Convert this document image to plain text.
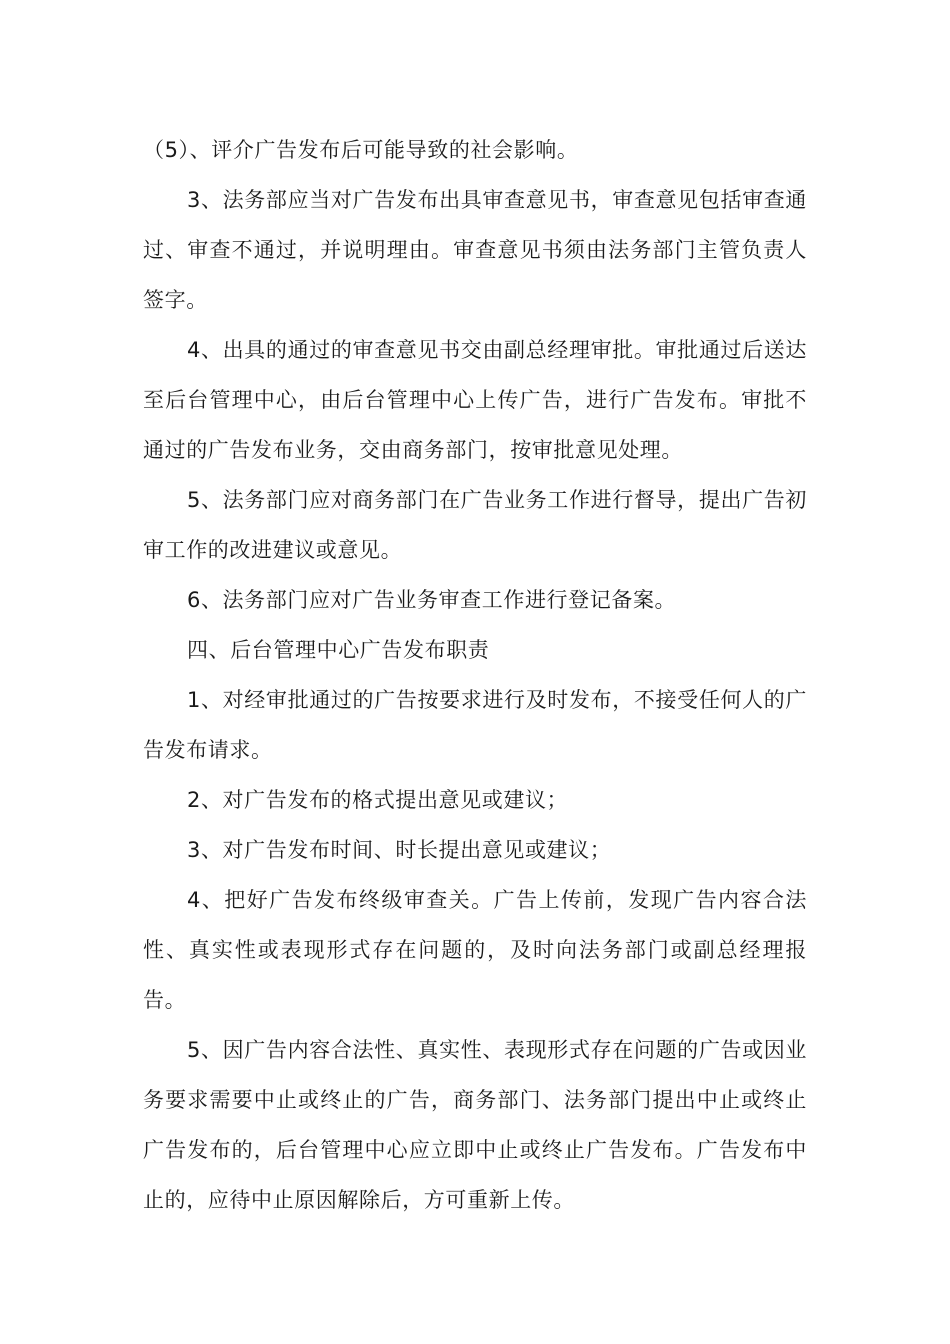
（5）、评介广告发布后可能导致的社会影响。

3、法务部应当对广告发布出具审查意见书，审查意见包括审查通过、审查不通过，并说明理由。审查意见书须由法务部门主管负责人签字。

4、出具的通过的审查意见书交由副总经理审批。审批通过后送达至后台管理中心，由后台管理中心上传广告，进行广告发布。审批不通过的广告发布业务，交由商务部门，按审批意见处理。

5、法务部门应对商务部门在广告业务工作进行督导，提出广告初审工作的改进建议或意见。

6、法务部门应对广告业务审查工作进行登记备案。

四、后台管理中心广告发布职责

1、对经审批通过的广告按要求进行及时发布，不接受任何人的广告发布请求。

2、对广告发布的格式提出意见或建议；

3、对广告发布时间、时长提出意见或建议；

4、把好广告发布终级审查关。广告上传前，发现广告内容合法性、真实性或表现形式存在问题的，及时向法务部门或副总经理报告。

5、因广告内容合法性、真实性、表现形式存在问题的广告或因业务要求需要中止或终止的广告，商务部门、法务部门提出中止或终止广告发布的，后台管理中心应立即中止或终止广告发布。广告发布中止的，应待中止原因解除后，方可重新上传。
